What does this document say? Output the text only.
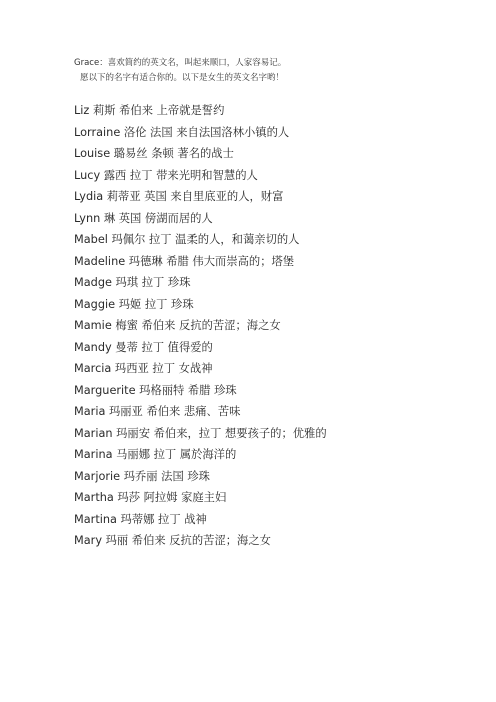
Grace：喜欢简约的英文名，叫起来顺口，人家容易记。
愿以下的名字有适合你的。以下是女生的英文名字哟！
Liz 莉斯 希伯来 上帝就是誓约
Lorraine 洛伦 法国 来自法国洛林小镇的人
Louise 璐易丝 条顿 著名的战士
Lucy 露西 拉丁 带来光明和智慧的人
Lydia 莉蒂亚 英国 来自里底亚的人，财富
Lynn 琳 英国 傍湖而居的人
Mabel 玛佩尔 拉丁 温柔的人，和蔼亲切的人
Madeline 玛德琳 希腊 伟大而崇高的；塔堡
Madge 玛琪 拉丁 珍珠
Maggie 玛姬 拉丁 珍珠
Mamie 梅蜜 希伯来 反抗的苦涩；海之女
Mandy 曼蒂 拉丁 值得爱的
Marcia 玛西亚 拉丁 女战神
Marguerite 玛格丽特 希腊 珍珠
Maria 玛丽亚 希伯来 悲痛、苦味
Marian 玛丽安 希伯来，拉丁 想要孩子的；优雅的
Marina 马丽娜 拉丁 属於海洋的
Marjorie 玛乔丽 法国 珍珠
Martha 玛莎 阿拉姆 家庭主妇
Martina 玛蒂娜 拉丁 战神
Mary 玛丽 希伯来 反抗的苦涩；海之女
